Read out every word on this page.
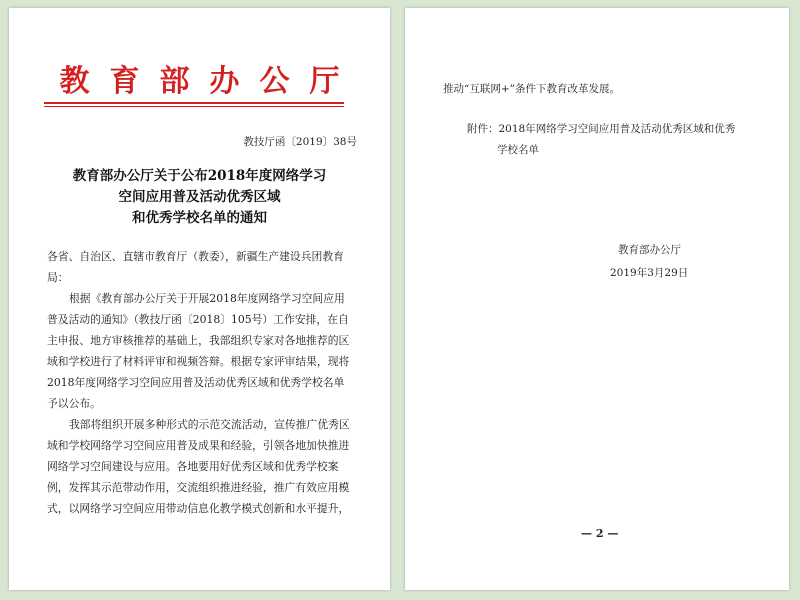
教育部办公厅
教技厅函〔2019〕38号
教育部办公厅关于公布2018年度网络学习
空间应用普及活动优秀区域
和优秀学校名单的通知
各省、自治区、直辖市教育厅（教委），新疆生产建设兵团教育
局：
根据《教育部办公厅关于开展2018年度网络学习空间应用
普及活动的通知》（教技厅函〔2018〕105号）工作安排，在自
主申报、地方审核推荐的基础上，我部组织专家对各地推荐的区
域和学校进行了材料评审和视频答辩。根据专家评审结果，现将
2018年度网络学习空间应用普及活动优秀区域和优秀学校名单
予以公布。
我部将组织开展多种形式的示范交流活动，宣传推广优秀区
域和学校网络学习空间应用普及成果和经验，引领各地加快推进
网络学习空间建设与应用。各地要用好优秀区域和优秀学校案
例，发挥其示范带动作用，交流组织推进经验，推广有效应用模
式，以网络学习空间应用带动信息化教学模式创新和水平提升，
推动“互联网+”条件下教育改革发展。
附件：2018年网络学习空间应用普及活动优秀区域和优秀
学校名单
教育部办公厅
2019年3月29日
— 2 —
